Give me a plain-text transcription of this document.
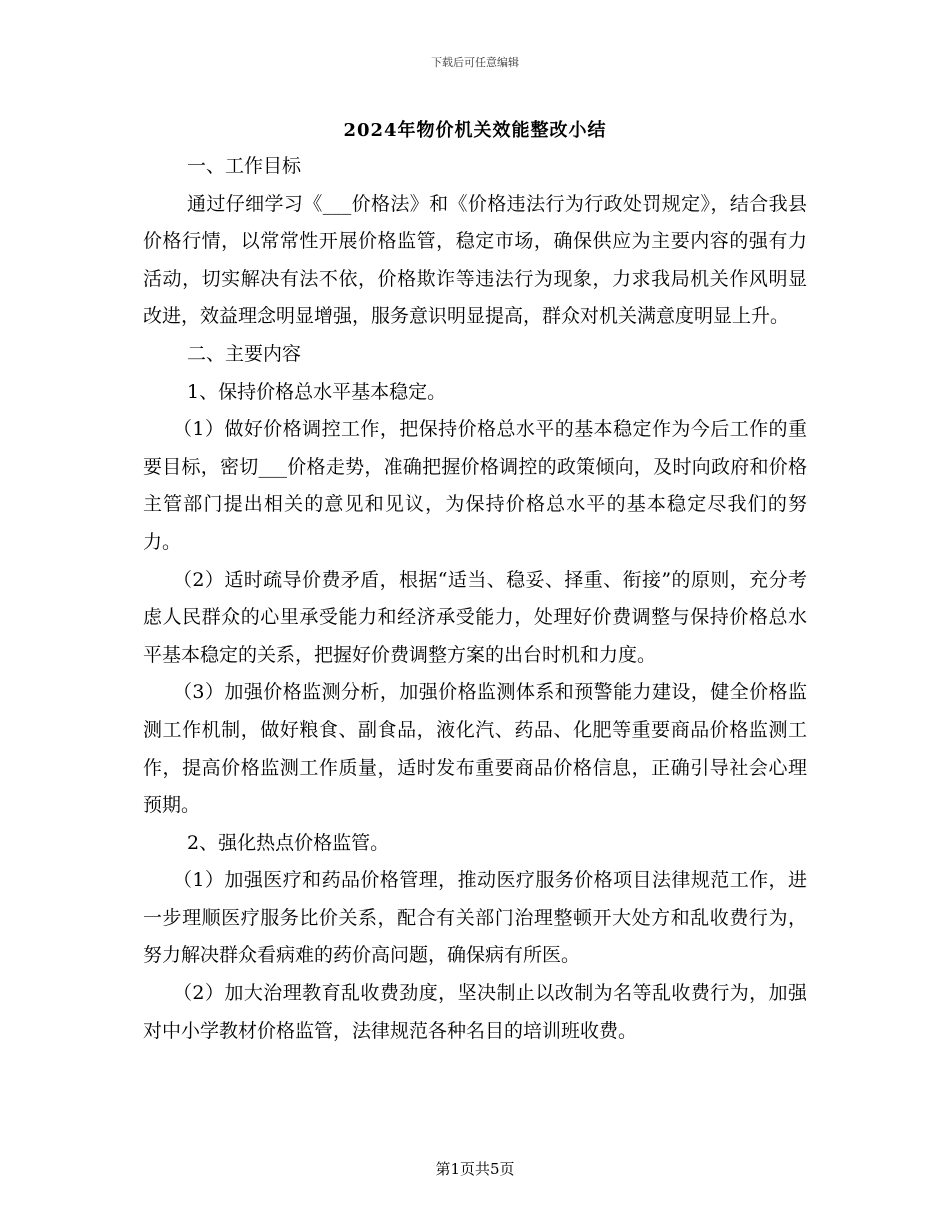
下载后可任意编辑
2024年物价机关效能整改小结

一、工作目标

通过仔细学习《___价格法》和《价格违法行为行政处罚规定》，结合我县价格行情，以常常性开展价格监管，稳定市场，确保供应为主要内容的强有力活动，切实解决有法不依，价格欺诈等违法行为现象，力求我局机关作风明显改进，效益理念明显增强，服务意识明显提高，群众对机关满意度明显上升。

二、主要内容

1、保持价格总水平基本稳定。

（1）做好价格调控工作，把保持价格总水平的基本稳定作为今后工作的重要目标，密切___价格走势，准确把握价格调控的政策倾向，及时向政府和价格主管部门提出相关的意见和见议，为保持价格总水平的基本稳定尽我们的努力。

（2）适时疏导价费矛盾，根据“适当、稳妥、择重、衔接”的原则，充分考虑人民群众的心里承受能力和经济承受能力，处理好价费调整与保持价格总水平基本稳定的关系，把握好价费调整方案的出台时机和力度。

（3）加强价格监测分析，加强价格监测体系和预警能力建设，健全价格监测工作机制，做好粮食、副食品，液化汽、药品、化肥等重要商品价格监测工作，提高价格监测工作质量，适时发布重要商品价格信息，正确引导社会心理预期。

2、强化热点价格监管。

（1）加强医疗和药品价格管理，推动医疗服务价格项目法律规范工作，进一步理顺医疗服务比价关系，配合有关部门治理整顿开大处方和乱收费行为，努力解决群众看病难的药价高问题，确保病有所医。

（2）加大治理教育乱收费劲度，坚决制止以改制为名等乱收费行为，加强对中小学教材价格监管，法律规范各种名目的培训班收费。

第1页共5页
